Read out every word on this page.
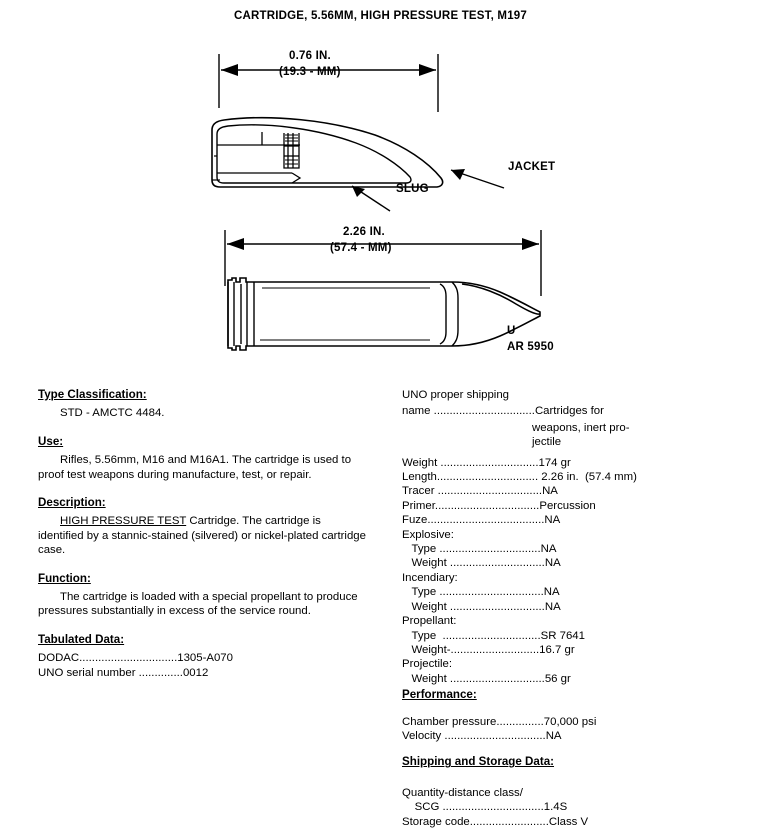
CARTRIDGE, 5.56MM, HIGH PRESSURE TEST, M197
0.76 IN.
(19.3 - MM)
JACKET
SLUG
2.26 IN.
(57.4 - MM)
U
AR 5950
Type Classification:

STD - AMCTC 4484.

Use:

Rifles, 5.56mm, M16 and M16A1. The cartridge is used to proof test weapons during manufacture, test, or repair.

Description:

HIGH PRESSURE TEST Cartridge. The cartridge is identified by a stannic-stained (silvered) or nickel-plated cartridge case.

Function:

The cartridge is loaded with a special propellant to produce pressures substantially in excess of the service round.

Tabulated Data:
DODAC...............................1305-A070
UNO serial number ..............0012
UNO proper shipping
name ................................Cartridges for
weapons, inert pro-
jectile
Weight ...............................174 gr
Length................................ 2.26 in.  (57.4 mm)
Tracer .................................NA
Primer.................................Percussion
Fuze.....................................NA
Explosive:
Type ................................NA
Weight ..............................NA
Incendiary:
Type .................................NA
Weight ..............................NA
Propellant:
Type  ...............................SR 7641
Weight-............................16.7 gr
Projectile:
Weight ..............................56 gr
Performance:
Chamber pressure...............70,000 psi
Velocity ................................NA
Shipping and Storage Data:
Quantity-distance class/
SCG ................................1.4S
Storage code.........................Class V
